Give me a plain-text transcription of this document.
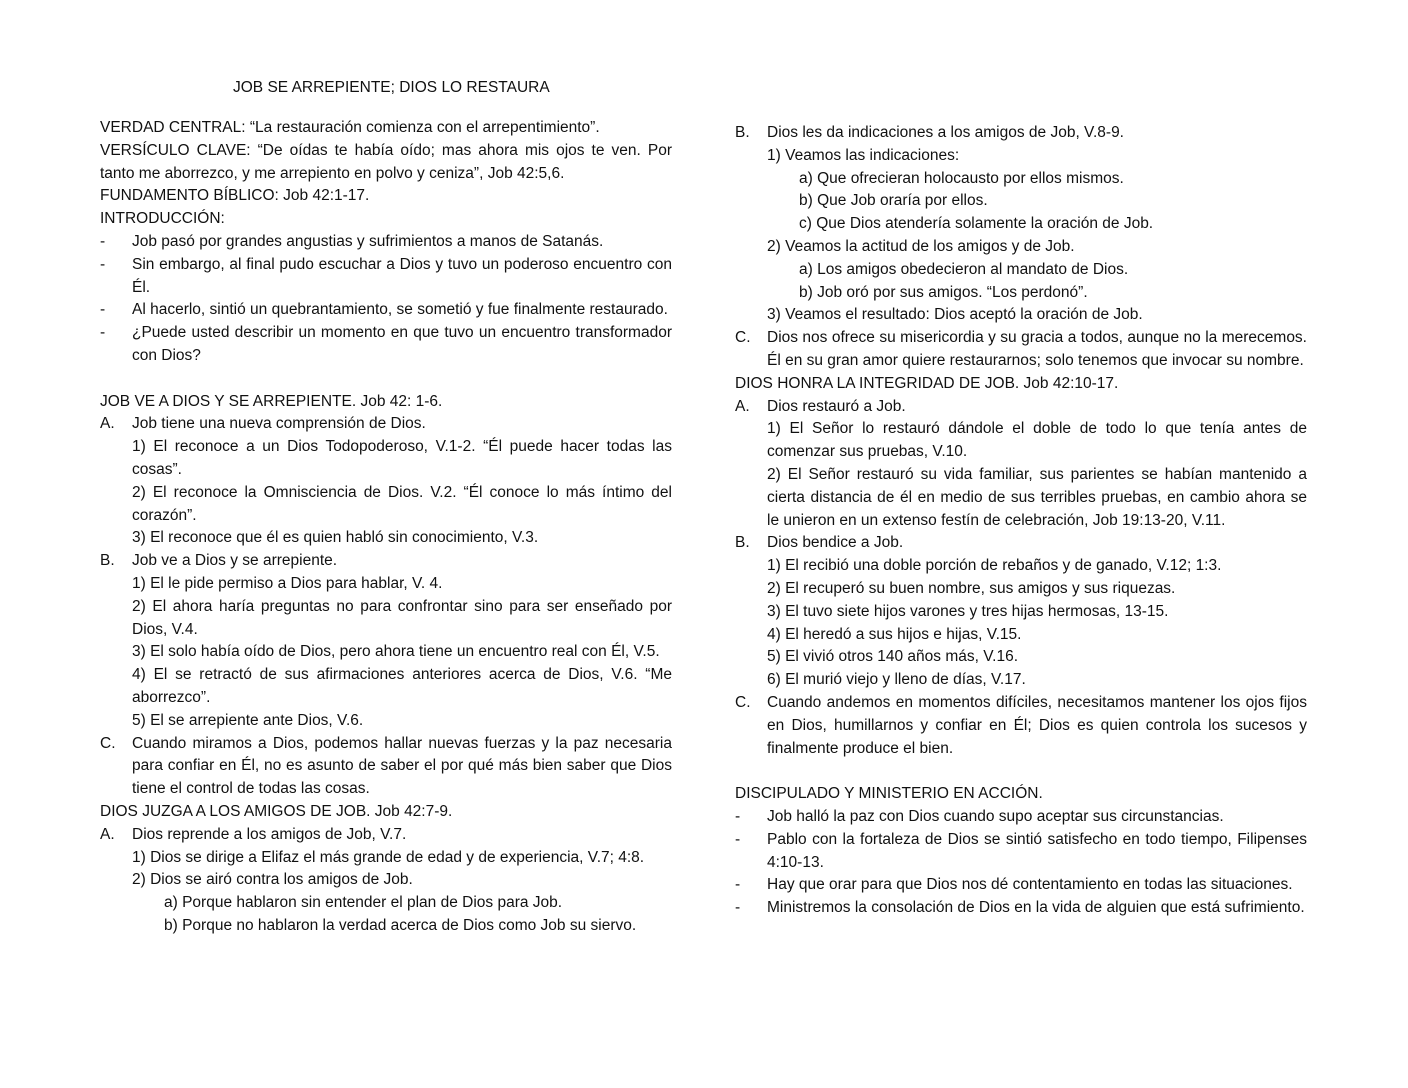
JOB SE ARREPIENTE; DIOS LO RESTAURA

VERDAD CENTRAL: “La restauración comienza con el arrepentimiento”.

VERSÍCULO CLAVE: “De oídas te había oído; mas ahora mis ojos te ven. Por tanto me aborrezco, y me arrepiento en polvo y ceniza”, Job 42:5,6.

FUNDAMENTO BÍBLICO: Job 42:1-17.

INTRODUCCIÓN:

- Job pasó por grandes angustias y sufrimientos a manos de Satanás.
- Sin embargo, al final pudo escuchar a Dios y tuvo un poderoso encuentro con Él.
- Al hacerlo, sintió un quebrantamiento, se sometió y fue finalmente restaurado.
- ¿Puede usted describir un momento en que tuvo un encuentro transformador con Dios?

JOB VE A DIOS Y SE ARREPIENTE. Job 42: 1-6.

A. Job tiene una nueva comprensión de Dios.
1) El reconoce a un Dios Todopoderoso, V.1-2. “Él puede hacer todas las cosas”.
2) El reconoce la Omnisciencia de Dios. V.2. “Él conoce lo más íntimo del corazón”.
3) El reconoce que él es quien habló sin conocimiento, V.3.
B. Job ve a Dios y se arrepiente.
1) El le pide permiso a Dios para hablar, V. 4.
2) El ahora haría preguntas no para confrontar sino para ser enseñado por Dios, V.4.
3) El solo había oído de Dios, pero ahora tiene un encuentro real con Él, V.5.
4) El se retractó de sus afirmaciones anteriores acerca de Dios, V.6. “Me aborrezco”.
5) El se arrepiente ante Dios, V.6.
C. Cuando miramos a Dios, podemos hallar nuevas fuerzas y la paz necesaria para confiar en Él, no es asunto de saber el por qué más bien saber que Dios tiene el control de todas las cosas.

DIOS JUZGA A LOS AMIGOS DE JOB. Job 42:7-9.

A. Dios reprende a los amigos de Job, V.7.
1) Dios se dirige a Elifaz el más grande de edad y de experiencia, V.7; 4:8.
2) Dios se airó contra los amigos de Job.
a) Porque hablaron sin entender el plan de Dios para Job.
b) Porque no hablaron la verdad acerca de Dios como Job su siervo.
B. Dios les da indicaciones a los amigos de Job, V.8-9.
1) Veamos las indicaciones:
a) Que ofrecieran holocausto por ellos mismos.
b) Que Job oraría por ellos.
c) Que Dios atendería solamente la oración de Job.
2) Veamos la actitud de los amigos y de Job.
a) Los amigos obedecieron al mandato de Dios.
b) Job oró por sus amigos. “Los perdonó”.
3) Veamos el resultado: Dios aceptó la oración de Job.
C. Dios nos ofrece su misericordia y su gracia a todos, aunque no la merecemos. Él en su gran amor quiere restaurarnos; solo tenemos que invocar su nombre.

DIOS HONRA LA INTEGRIDAD DE JOB. Job 42:10-17.

A. Dios restauró a Job.
1) El Señor lo restauró dándole el doble de todo lo que tenía antes de comenzar sus pruebas, V.10.
2) El Señor restauró su vida familiar, sus parientes se habían mantenido a cierta distancia de él en medio de sus terribles pruebas, en cambio ahora se le unieron en un extenso festín de celebración, Job 19:13-20, V.11.
B. Dios bendice a Job.
1) El recibió una doble porción de rebaños y de ganado, V.12; 1:3.
2) El recuperó su buen nombre, sus amigos y sus riquezas.
3) El tuvo siete hijos varones y tres hijas hermosas, 13-15.
4) El heredó a sus hijos e hijas, V.15.
5) El vivió otros 140 años más, V.16.
6) El murió viejo y lleno de días, V.17.
C. Cuando andemos en momentos difíciles, necesitamos mantener los ojos fijos en Dios, humillarnos y confiar en Él; Dios es quien controla los sucesos y finalmente produce el bien.

DISCIPULADO Y MINISTERIO EN ACCIÓN.

- Job halló la paz con Dios cuando supo aceptar sus circunstancias.
- Pablo con la fortaleza de Dios se sintió satisfecho en todo tiempo, Filipenses 4:10-13.
- Hay que orar para que Dios nos dé contentamiento en todas las situaciones.
- Ministremos la consolación de Dios en la vida de alguien que está sufrimiento.
